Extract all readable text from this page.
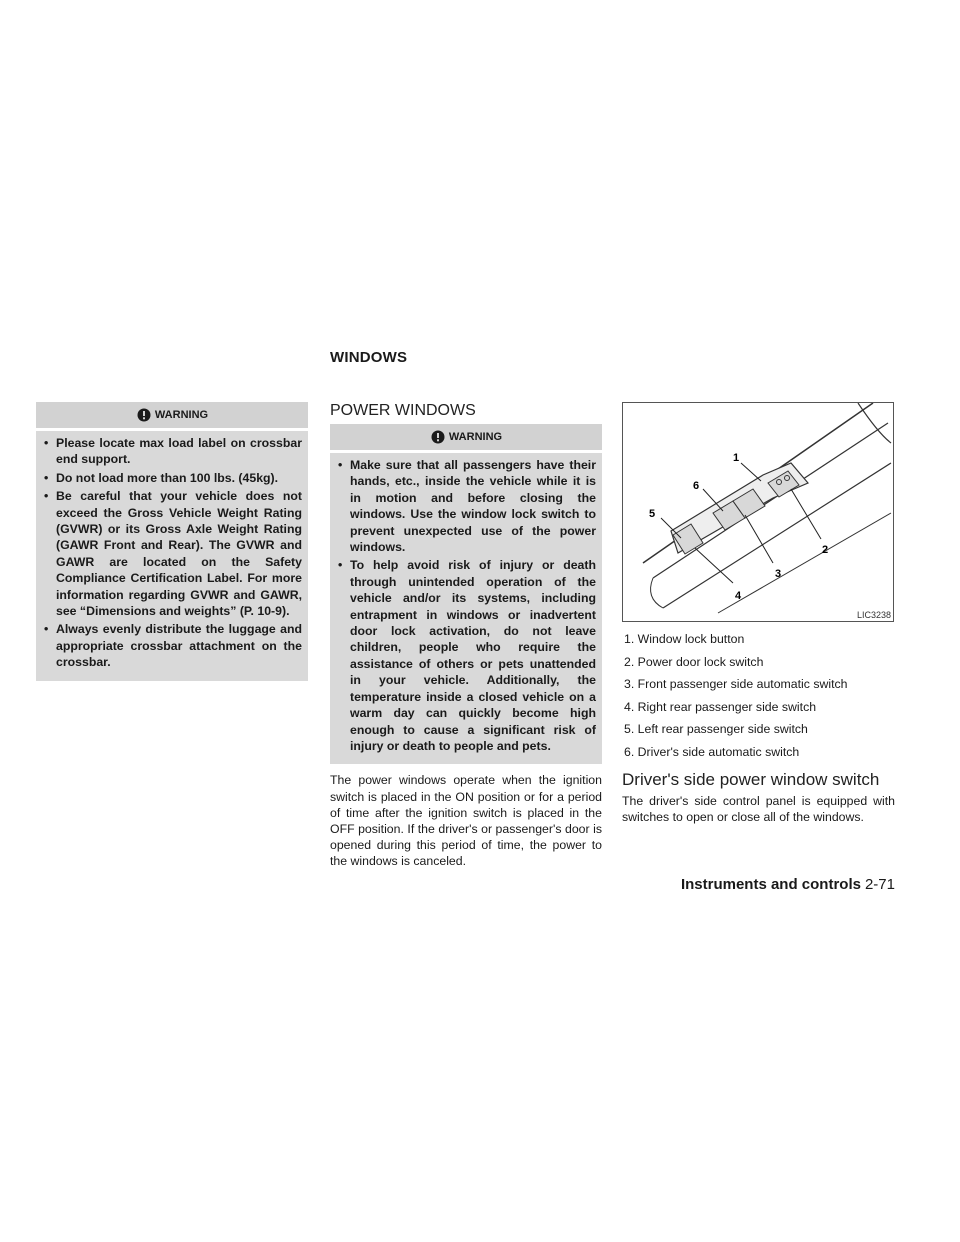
WINDOWS
WARNING
• Please locate max load label on crossbar end support.
• Do not load more than 100 lbs. (45kg).
• Be careful that your vehicle does not exceed the Gross Vehicle Weight Rating (GVWR) or its Gross Axle Weight Rating (GAWR Front and Rear). The GVWR and GAWR are located on the Safety Compliance Certification Label. For more information regarding GVWR and GAWR, see “Dimensions and weights” (P. 10-9).
• Always evenly distribute the luggage and appropriate crossbar attachment on the crossbar.
POWER WINDOWS
WARNING
• Make sure that all passengers have their hands, etc., inside the vehicle while it is in motion and before closing the windows. Use the window lock switch to prevent unexpected use of the power windows.
• To help avoid risk of injury or death through unintended operation of the vehicle and/or its systems, including entrapment in windows or inadvertent door lock activation, do not leave children, people who require the assistance of others or pets unattended in your vehicle. Additionally, the temperature inside a closed vehicle on a warm day can quickly become high enough to cause a significant risk of injury or death to people and pets.

The power windows operate when the ignition switch is placed in the ON position or for a period of time after the ignition switch is placed in the OFF position. If the driver's or passenger's door is opened during this period of time, the power to the windows is canceled.

1
2
3
4
5
6
LIC3238
1. Window lock button
2. Power door lock switch
3. Front passenger side automatic switch
4. Right rear passenger side switch
5. Left rear passenger side switch
6. Driver's side automatic switch
Driver's side power window switch

The driver's side control panel is equipped with switches to open or close all of the windows.

Instruments and controls 2-71
